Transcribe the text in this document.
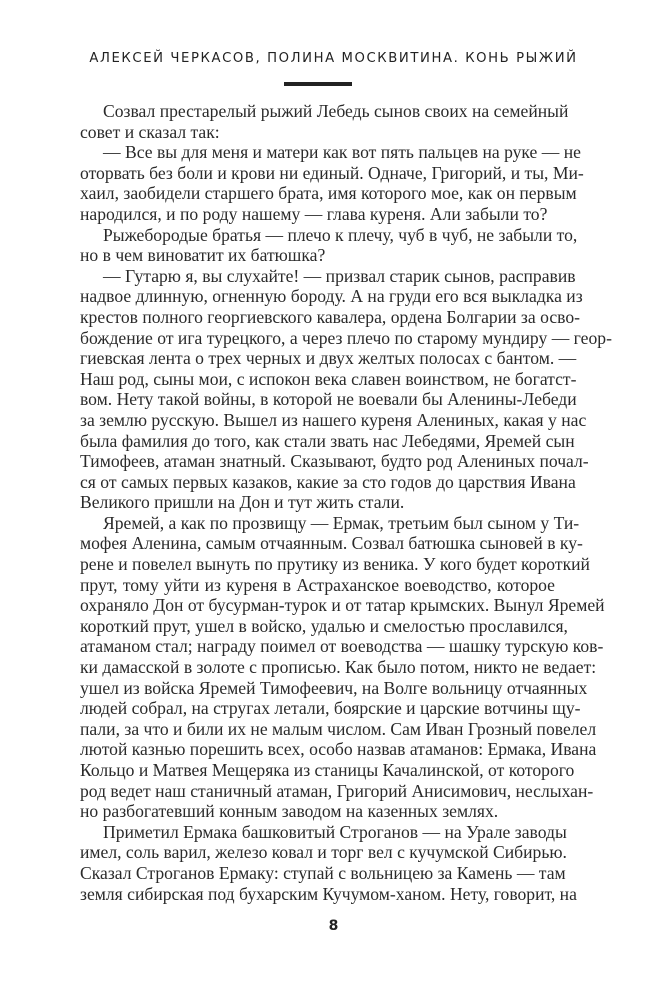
АЛЕКСЕЙ ЧЕРКАСОВ, ПОЛИНА МОСКВИТИНА. КОНЬ РЫЖИЙ
Созвал престарелый рыжий Лебедь сынов своих на семейный
совет и сказал так:
— Все вы для меня и матери как вот пять пальцев на руке — не
оторвать без боли и крови ни единый. Одначе, Григорий, и ты, Ми-
хаил, заобидели старшего брата, имя которого мое, как он первым
народился, и по роду нашему — глава куреня. Али забыли то?
Рыжебородые братья — плечо к плечу, чуб в чуб, не забыли то,
но в чем виноватит их батюшка?
— Гутарю я, вы слухайте! — призвал старик сынов, расправив
надвое длинную, огненную бороду. А на груди его вся выкладка из
крестов полного георгиевского кавалера, ордена Болгарии за осво-
бождение от ига турецкого, а через плечо по старому мундиру — геор-
гиевская лента о трех черных и двух желтых полосах с бантом. —
Наш род, сыны мои, с испокон века славен воинством, не богатст-
вом. Нету такой войны, в которой не воевали бы Аленины-Лебеди
за землю русскую. Вышел из нашего куреня Алениных, какая у нас
была фамилия до того, как стали звать нас Лебедями, Яремей сын
Тимофеев, атаман знатный. Сказывают, будто род Алениных почал-
ся от самых первых казаков, какие за сто годов до царствия Ивана
Великого пришли на Дон и тут жить стали.
Яремей, а как по прозвищу — Ермак, третьим был сыном у Ти-
мофея Аленина, самым отчаянным. Созвал батюшка сыновей в ку-
рене и повелел вынуть по прутику из веника. У кого будет короткий
прут, тому уйти из куреня в Астраханское воеводство, которое
охраняло Дон от бусурман-турок и от татар крымских. Вынул Яремей
короткий прут, ушел в войско, удалью и смелостью прославился,
атаманом стал; награду поимел от воеводства — шашку турскую ков-
ки дамасской в золоте с прописью. Как было потом, никто не ведает:
ушел из войска Яремей Тимофеевич, на Волге вольницу отчаянных
людей собрал, на стругах летали, боярские и царские вотчины щу-
пали, за что и били их не малым числом. Сам Иван Грозный повелел
лютой казнью порешить всех, особо назвав атаманов: Ермака, Ивана
Кольцо и Матвея Мещеряка из станицы Качалинской, от которого
род ведет наш станичный атаман, Григорий Анисимович, неслыхан-
но разбогатевший конным заводом на казенных землях.
Приметил Ермака башковитый Строганов — на Урале заводы
имел, соль варил, железо ковал и торг вел с кучумской Сибирью.
Сказал Строганов Ермаку: ступай с вольницею за Камень — там
земля сибирская под бухарским Кучумом-ханом. Нету, говорит, на
8
